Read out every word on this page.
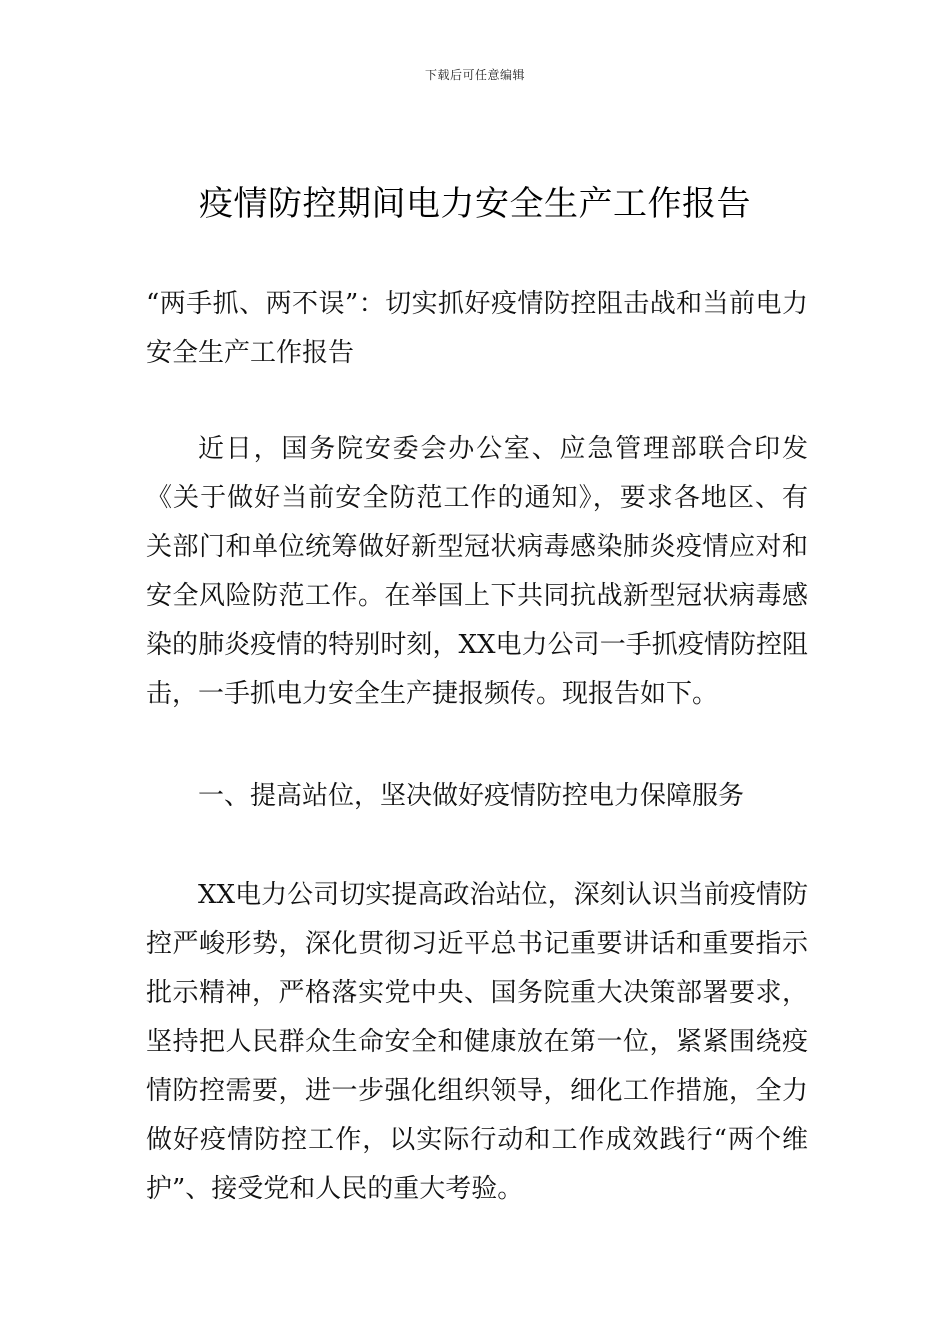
下载后可任意编辑
疫情防控期间电力安全生产工作报告

“两手抓、两不误”：切实抓好疫情防控阻击战和当前电力安全生产工作报告

近日，国务院安委会办公室、应急管理部联合印发《关于做好当前安全防范工作的通知》，要求各地区、有关部门和单位统筹做好新型冠状病毒感染肺炎疫情应对和安全风险防范工作。在举国上下共同抗战新型冠状病毒感染的肺炎疫情的特别时刻，XX电力公司一手抓疫情防控阻击，一手抓电力安全生产捷报频传。现报告如下。

一、提高站位，坚决做好疫情防控电力保障服务

XX电力公司切实提高政治站位，深刻认识当前疫情防控严峻形势，深化贯彻习近平总书记重要讲话和重要指示批示精神，严格落实党中央、国务院重大决策部署要求，坚持把人民群众生命安全和健康放在第一位，紧紧围绕疫情防控需要，进一步强化组织领导，细化工作措施，全力做好疫情防控工作，以实际行动和工作成效践行“两个维护”、接受党和人民的重大考验。
